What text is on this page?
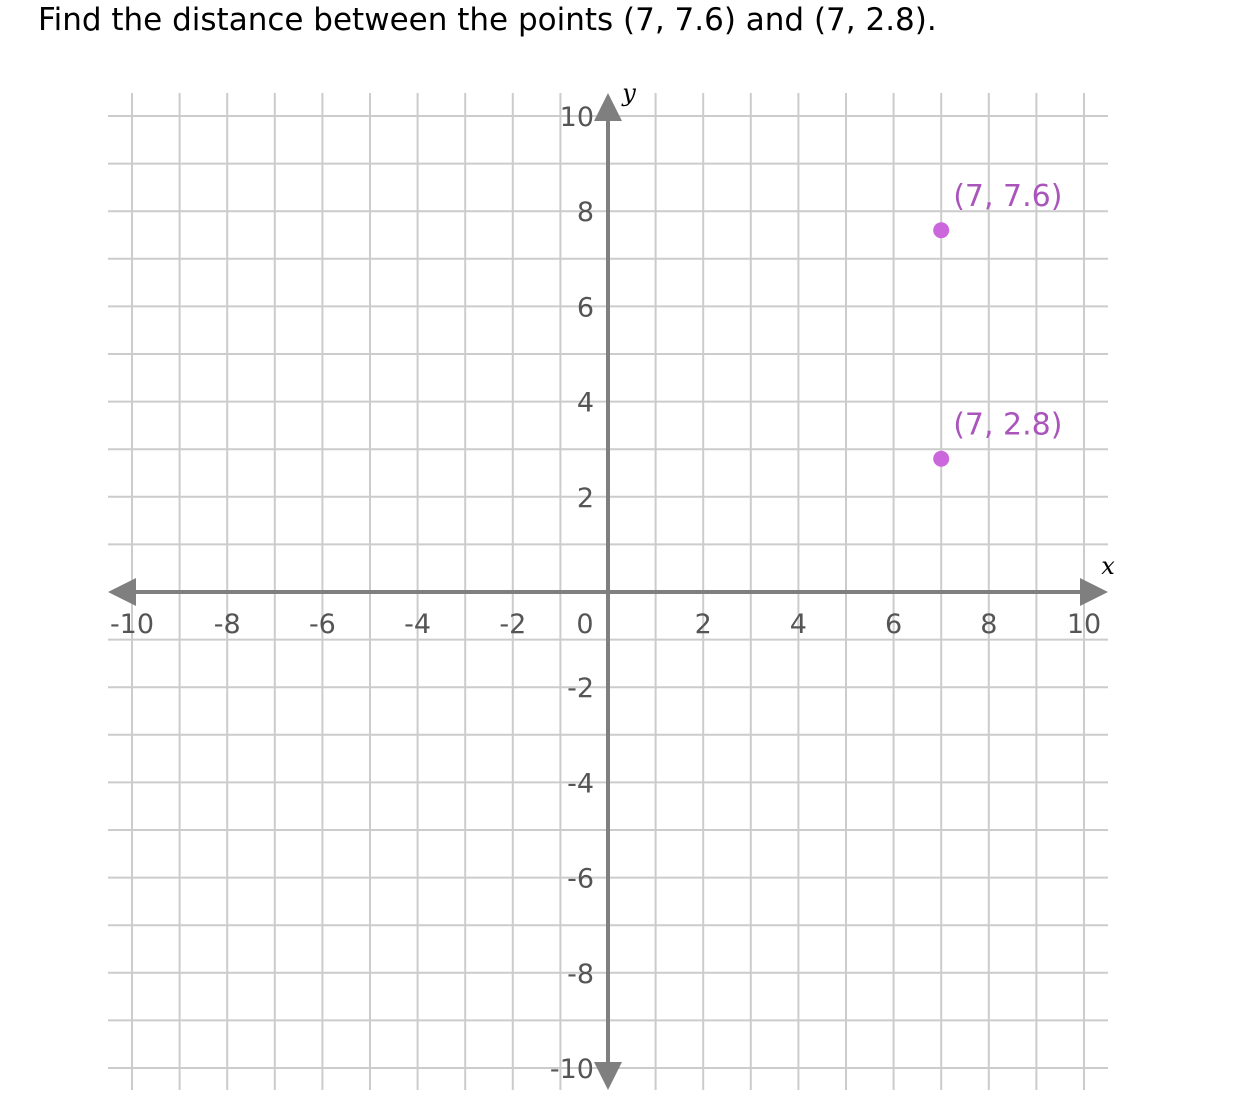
Find the distance between the points (7, 7.6) and (7, 2.8).

x
y
-10 -8	-6	-4	-2 0	2	4	6	8	10
10
8
6
4
2
-2
-4
-6
-8
-10
(7, 7.6)
(7, 2.8)
